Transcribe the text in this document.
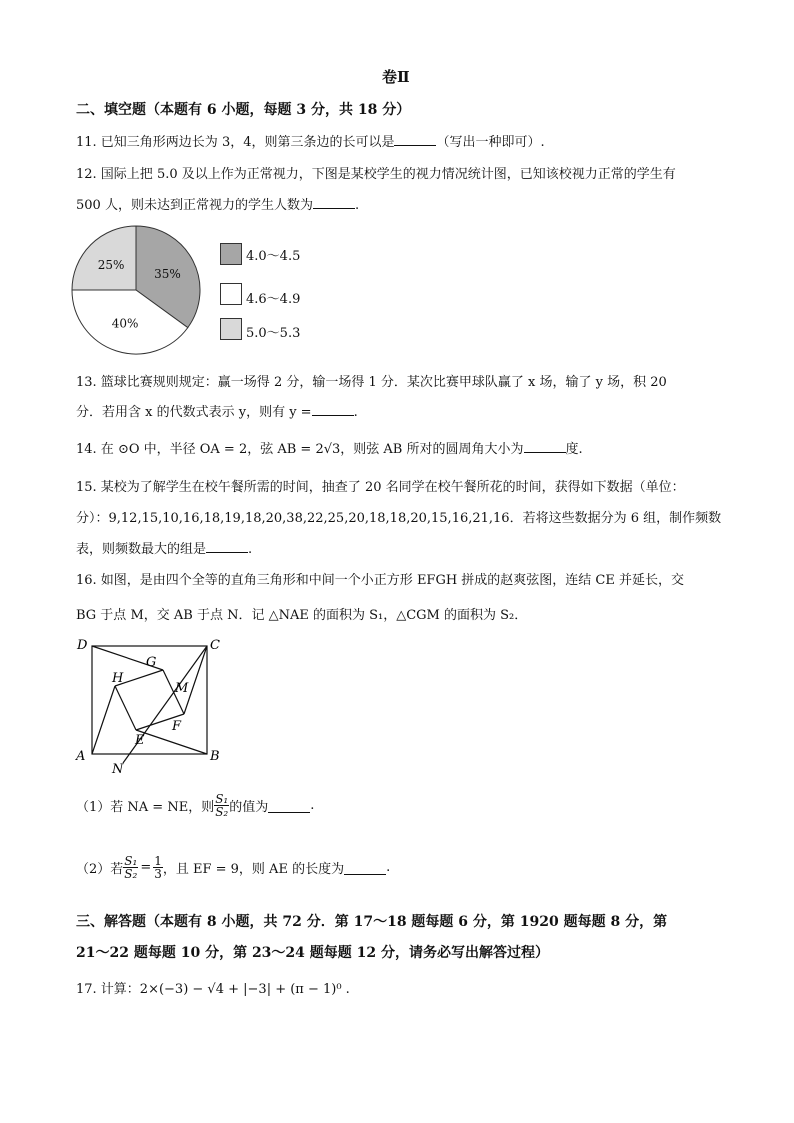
卷Ⅱ
二、填空题（本题有 6 小题，每题 3 分，共 18 分）
11. 已知三角形两边长为 3，4，则第三条边的长可以是	（写出一种即可）.
12. 国际上把 5.0 及以上作为正常视力，下图是某校学生的视力情况统计图，已知该校视力正常的学生有
500 人，则未达到正常视力的学生人数为	.
35%
40%
25%
4.0～4.5
4.6～4.9
5.0～5.3
13. 篮球比赛规则规定：赢一场得 2 分，输一场得 1 分．某次比赛甲球队赢了 x 场，输了 y 场，积 20
分．若用含 x 的代数式表示 y，则有 y =	.
14. 在 ⊙O 中，半径 OA = 2，弦 AB = 2√3，则弦 AB 所对的圆周角大小为	度.
15. 某校为了解学生在校午餐所需的时间，抽查了 20 名同学在校午餐所花的时间，获得如下数据（单位：
分）：9,12,15,10,16,18,19,18,20,38,22,25,20,18,18,20,15,16,21,16．若将这些数据分为 6 组，制作频数
表，则频数最大的组是	.
16. 如图，是由四个全等的直角三角形和中间一个小正方形 EFGH 拼成的赵爽弦图，连结 CE 并延长，交
BG 于点 M，交 AB 于点 N．记 △NAE 的面积为 S₁，△CGM 的面积为 S₂．
D	C
A	B
H
G
M
F
E
N
（1）若 NA = NE，则 $\frac{\text{S₁}}{\text{S₂}}$ 的值为	.
（2）若 $\frac{\text{S₁}}{\text{S₂}} = \frac{1}{3}$ ，且 EF = 9，则 AE 的长度为	.
三、解答题（本题有 8 小题，共 72 分．第 17～18 题每题 6 分，第 1920 题每题 8 分，第
21～22 题每题 10 分，第 23～24 题每题 12 分，请务必写出解答过程）
17. 计算：2×(−3) − √4 + |−3| + (π − 1)⁰ .
